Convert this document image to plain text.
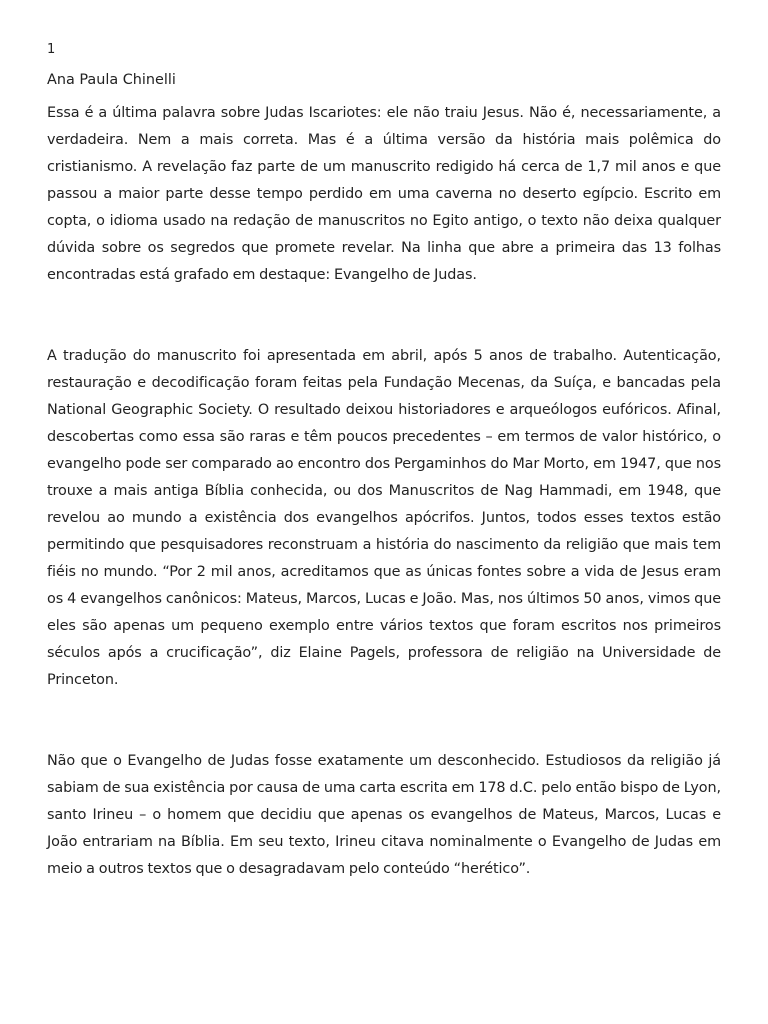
1
Ana Paula Chinelli

Essa é a última palavra sobre Judas Iscariotes: ele não traiu Jesus. Não é, necessariamente, a verdadeira. Nem a mais correta. Mas é a última versão da história mais polêmica do cristianismo. A revelação faz parte de um manuscrito redigido há cerca de 1,7 mil anos e que passou a maior parte desse tempo perdido em uma caverna no deserto egípcio. Escrito em copta, o idioma usado na redação de manuscritos no Egito antigo, o texto não deixa qualquer dúvida sobre os segredos que promete revelar. Na linha que abre a primeira das 13 folhas encontradas está grafado em destaque: Evangelho de Judas.

A tradução do manuscrito foi apresentada em abril, após 5 anos de trabalho. Autenticação, restauração e decodificação foram feitas pela Fundação Mecenas, da Suíça, e bancadas pela National Geographic Society. O resultado deixou historiadores e arqueólogos eufóricos. Afinal, descobertas como essa são raras e têm poucos precedentes – em termos de valor histórico, o evangelho pode ser comparado ao encontro dos Pergaminhos do Mar Morto, em 1947, que nos trouxe a mais antiga Bíblia conhecida, ou dos Manuscritos de Nag Hammadi, em 1948, que revelou ao mundo a existência dos evangelhos apócrifos. Juntos, todos esses textos estão permitindo que pesquisadores reconstruam a história do nascimento da religião que mais tem fiéis no mundo. “Por 2 mil anos, acreditamos que as únicas fontes sobre a vida de Jesus eram os 4 evangelhos canônicos: Mateus, Marcos, Lucas e João. Mas, nos últimos 50 anos, vimos que eles são apenas um pequeno exemplo entre vários textos que foram escritos nos primeiros séculos após a crucificação”, diz Elaine Pagels, professora de religião na Universidade de Princeton.

Não que o Evangelho de Judas fosse exatamente um desconhecido. Estudiosos da religião já sabiam de sua existência por causa de uma carta escrita em 178 d.C. pelo então bispo de Lyon, santo Irineu – o homem que decidiu que apenas os evangelhos de Mateus, Marcos, Lucas e João entrariam na Bíblia. Em seu texto, Irineu citava nominalmente o Evangelho de Judas em meio a outros textos que o desagradavam pelo conteúdo “herético”.
